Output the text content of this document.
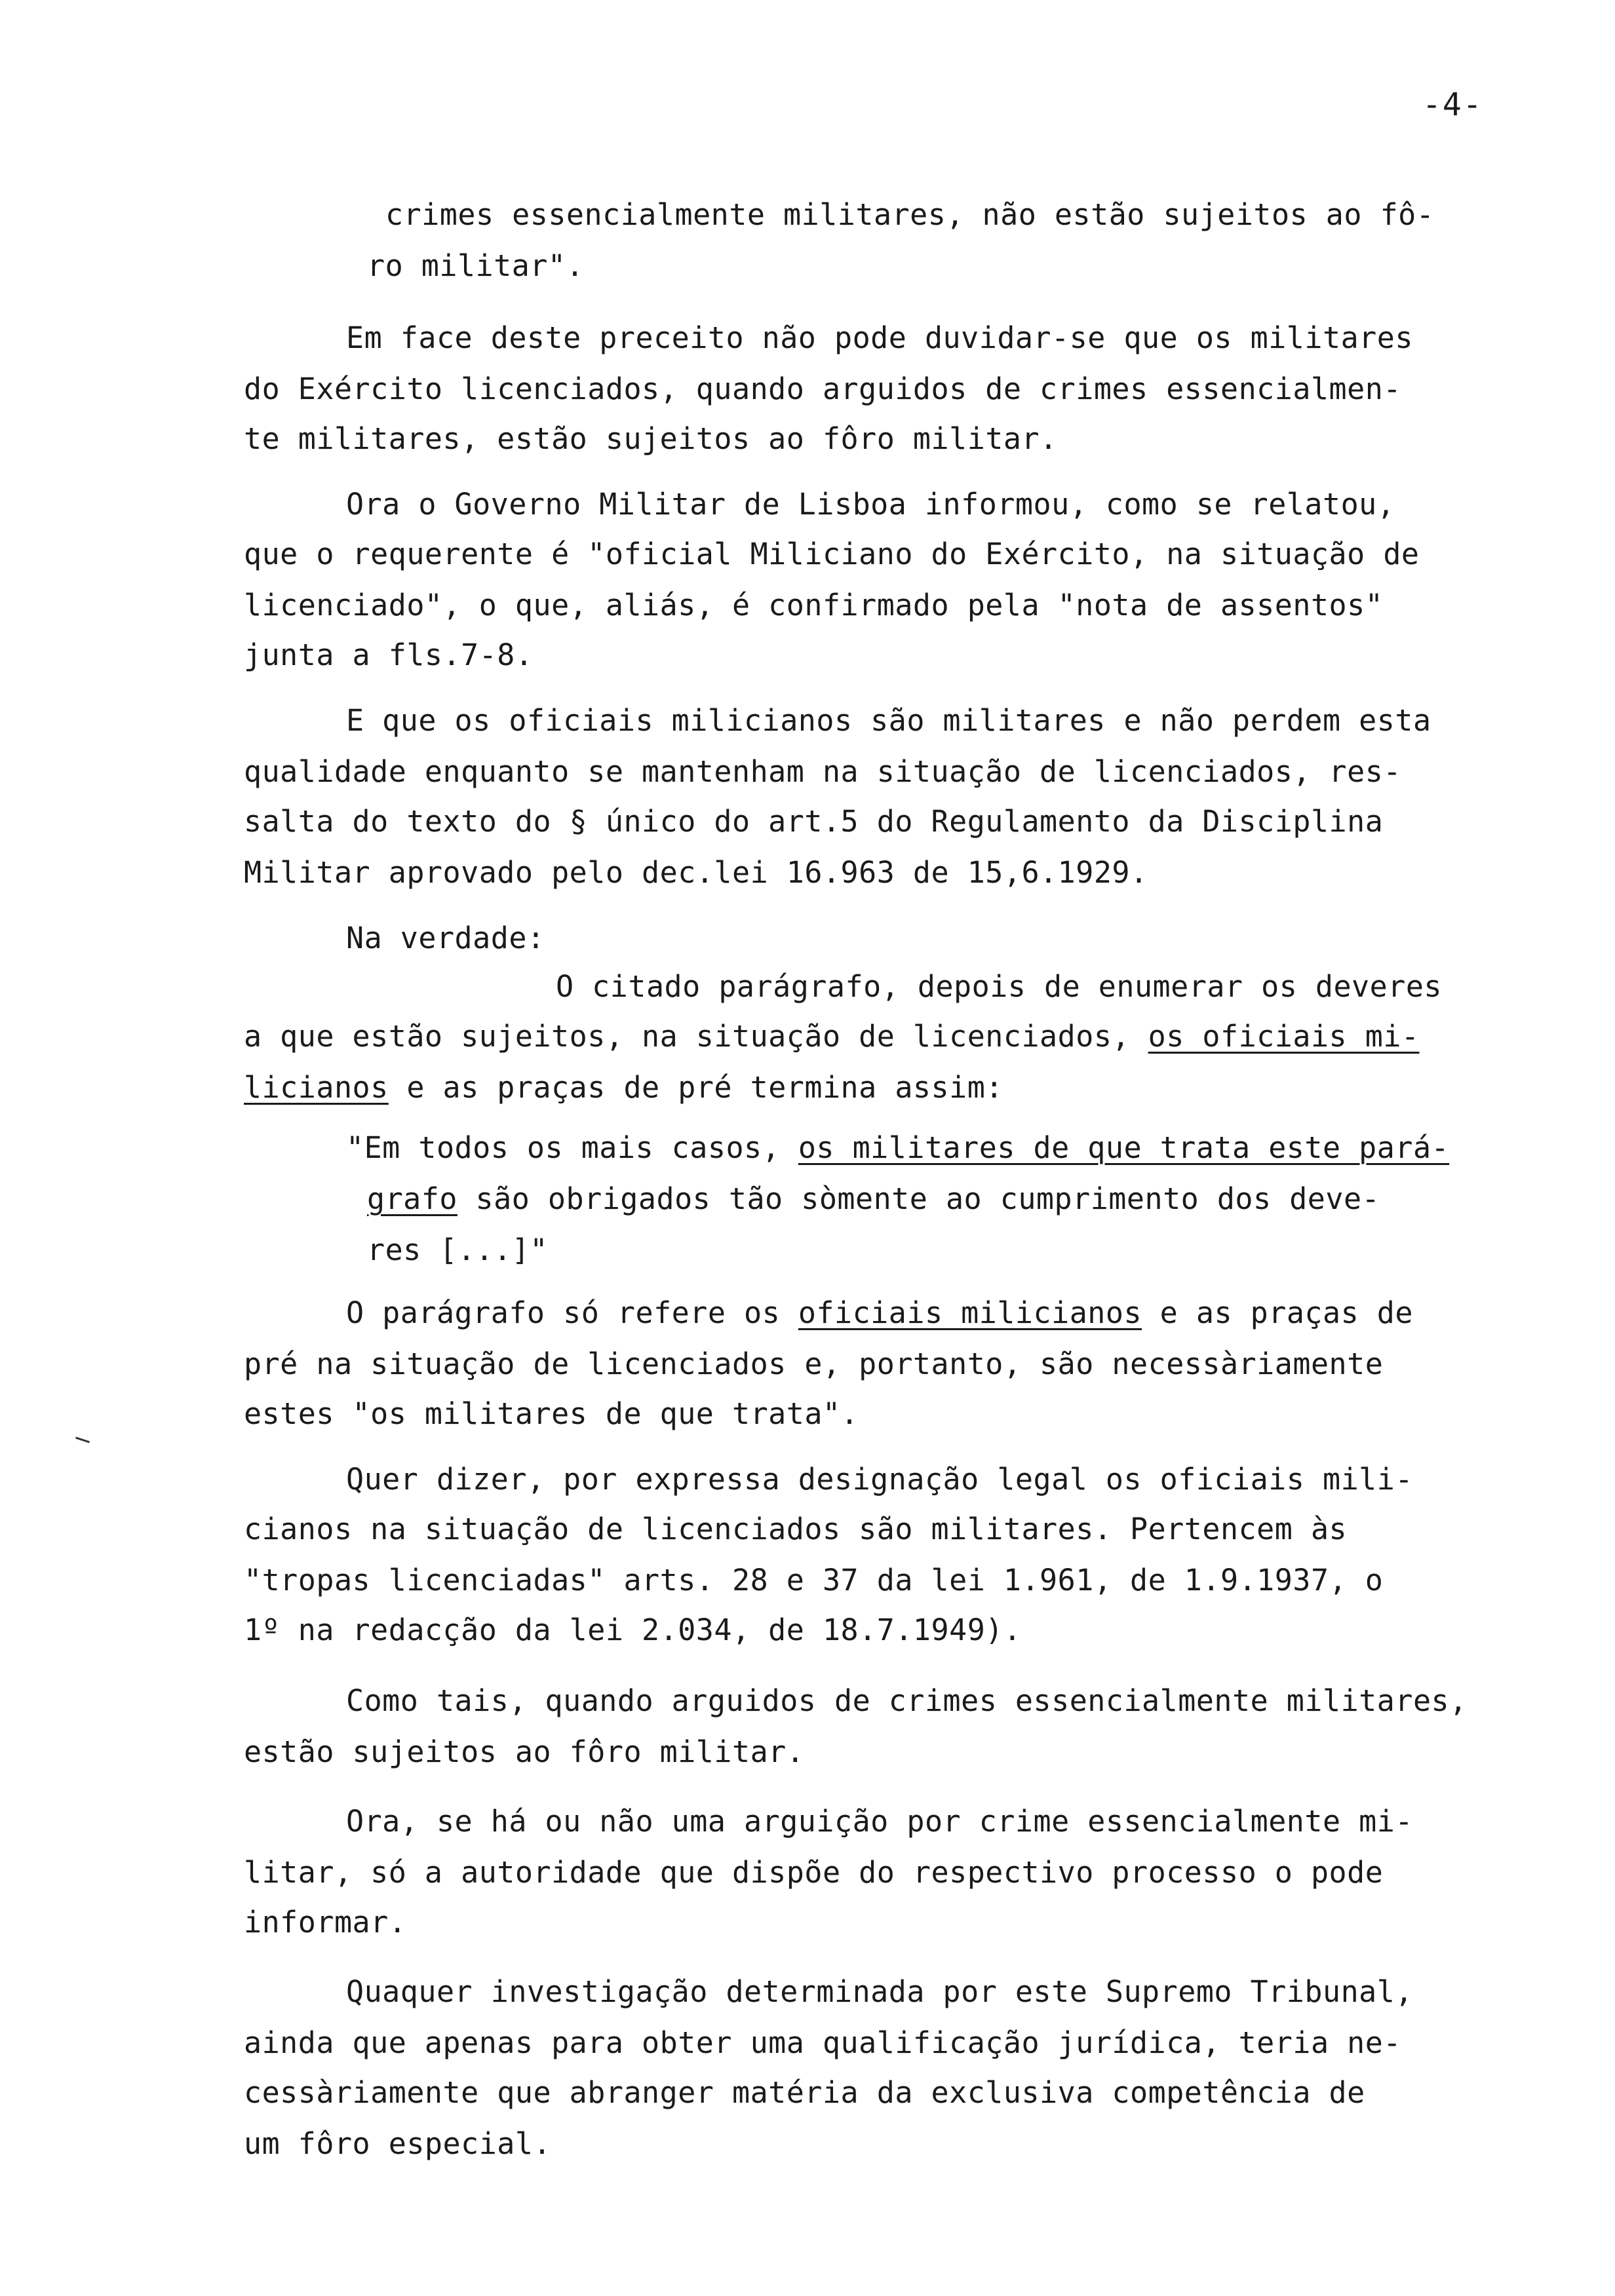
-4-
crimes essencialmente militares, não estão sujeitos ao fô-
ro militar".
Em face deste preceito não pode duvidar-se que os militares
do Exército licenciados, quando arguidos de crimes essencialmen-
te militares, estão sujeitos ao fôro militar.
Ora o Governo Militar de Lisboa informou, como se relatou,
que o requerente é "oficial Miliciano do Exército, na situação de
licenciado", o que, aliás, é confirmado pela "nota de assentos"
junta a fls.7-8.
E que os oficiais milicianos são militares e não perdem esta
qualidade enquanto se mantenham na situação de licenciados, res-
salta do texto do § único do art.5 do Regulamento da Disciplina
Militar aprovado pelo dec.lei 16.963 de 15,6.1929.
Na verdade:
O citado parágrafo, depois de enumerar os deveres
a que estão sujeitos, na situação de licenciados, os oficiais mi-
licianos e as praças de pré termina assim:
"Em todos os mais casos, os militares de que trata este pará-
grafo são obrigados tão sòmente ao cumprimento dos deve-
res [...]"
O parágrafo só refere os oficiais milicianos e as praças de
pré na situação de licenciados e, portanto, são necessàriamente
estes "os militares de que trata".
Quer dizer, por expressa designação legal os oficiais mili-
cianos na situação de licenciados são militares. Pertencem às
"tropas licenciadas" arts. 28 e 37 da lei 1.961, de 1.9.1937, o
1º na redacção da lei 2.034, de 18.7.1949).
Como tais, quando arguidos de crimes essencialmente militares,
estão sujeitos ao fôro militar.
Ora, se há ou não uma arguição por crime essencialmente mi-
litar, só a autoridade que dispõe do respectivo processo o pode
informar.
Quaquer investigação determinada por este Supremo Tribunal,
ainda que apenas para obter uma qualificação jurídica, teria ne-
cessàriamente que abranger matéria da exclusiva competência de
um fôro especial.
